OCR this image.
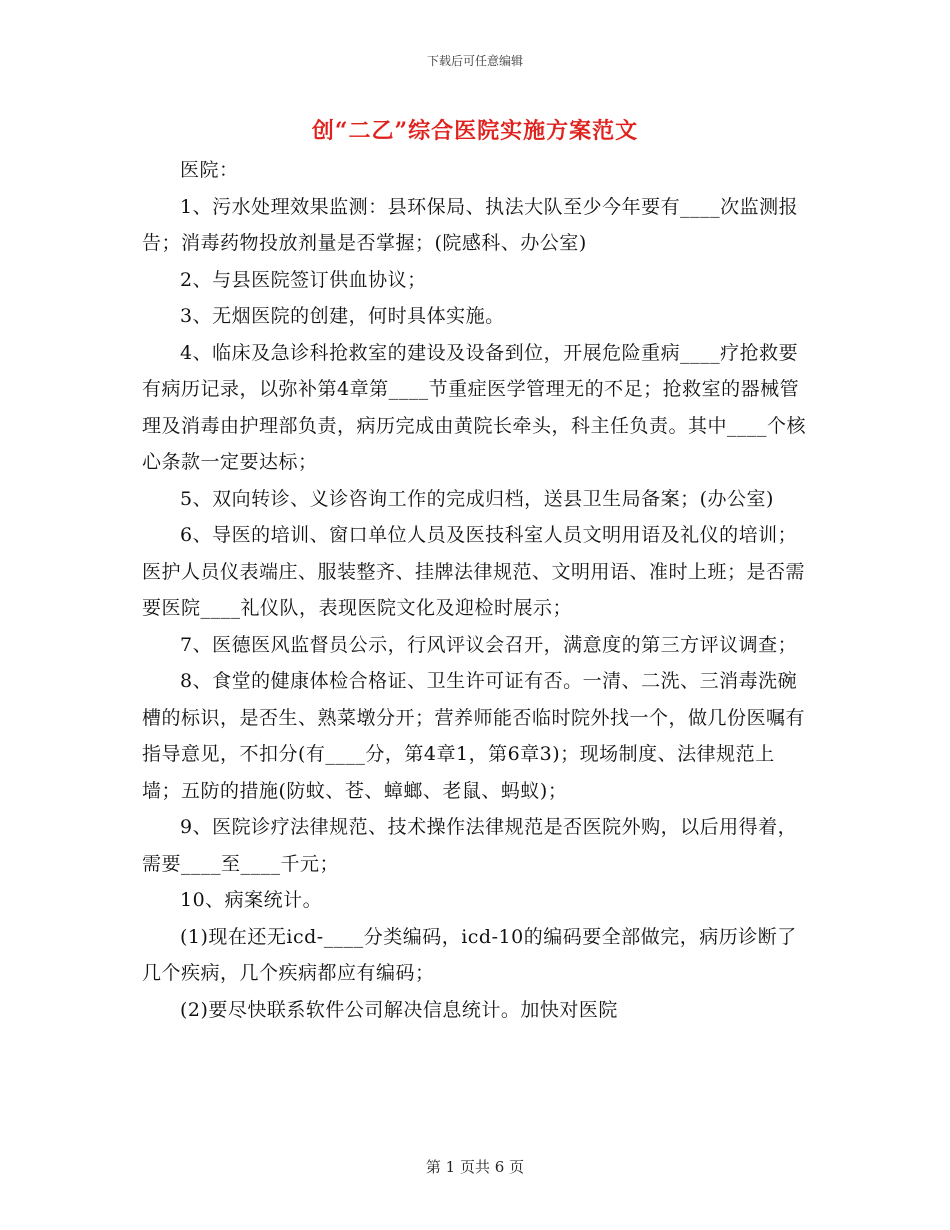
下载后可任意编辑
创“二乙”综合医院实施方案范文

医院：

1、污水处理效果监测：县环保局、执法大队至少今年要有____次监测报告；消毒药物投放剂量是否掌握；(院感科、办公室)

2、与县医院签订供血协议；

3、无烟医院的创建，何时具体实施。

4、临床及急诊科抢救室的建设及设备到位，开展危险重病____疗抢救要有病历记录，以弥补第4章第____节重症医学管理无的不足；抢救室的器械管理及消毒由护理部负责，病历完成由黄院长牵头，科主任负责。其中____个核心条款一定要达标；

5、双向转诊、义诊咨询工作的完成归档，送县卫生局备案；(办公室)

6、导医的培训、窗口单位人员及医技科室人员文明用语及礼仪的培训；医护人员仪表端庄、服装整齐、挂牌法律规范、文明用语、准时上班；是否需要医院____礼仪队，表现医院文化及迎检时展示；

7、医德医风监督员公示，行风评议会召开，满意度的第三方评议调查；

8、食堂的健康体检合格证、卫生许可证有否。一清、二洗、三消毒洗碗槽的标识，是否生、熟菜墩分开；营养师能否临时院外找一个，做几份医嘱有指导意见，不扣分(有____分，第4章1，第6章3)；现场制度、法律规范上墙；五防的措施(防蚊、苍、蟑螂、老鼠、蚂蚁)；

9、医院诊疗法律规范、技术操作法律规范是否医院外购，以后用得着，需要____至____千元；

10、病案统计。

(1)现在还无icd-____分类编码，icd-10的编码要全部做完，病历诊断了几个疾病，几个疾病都应有编码；

(2)要尽快联系软件公司解决信息统计。加快对医院

第 1 页共 6 页
